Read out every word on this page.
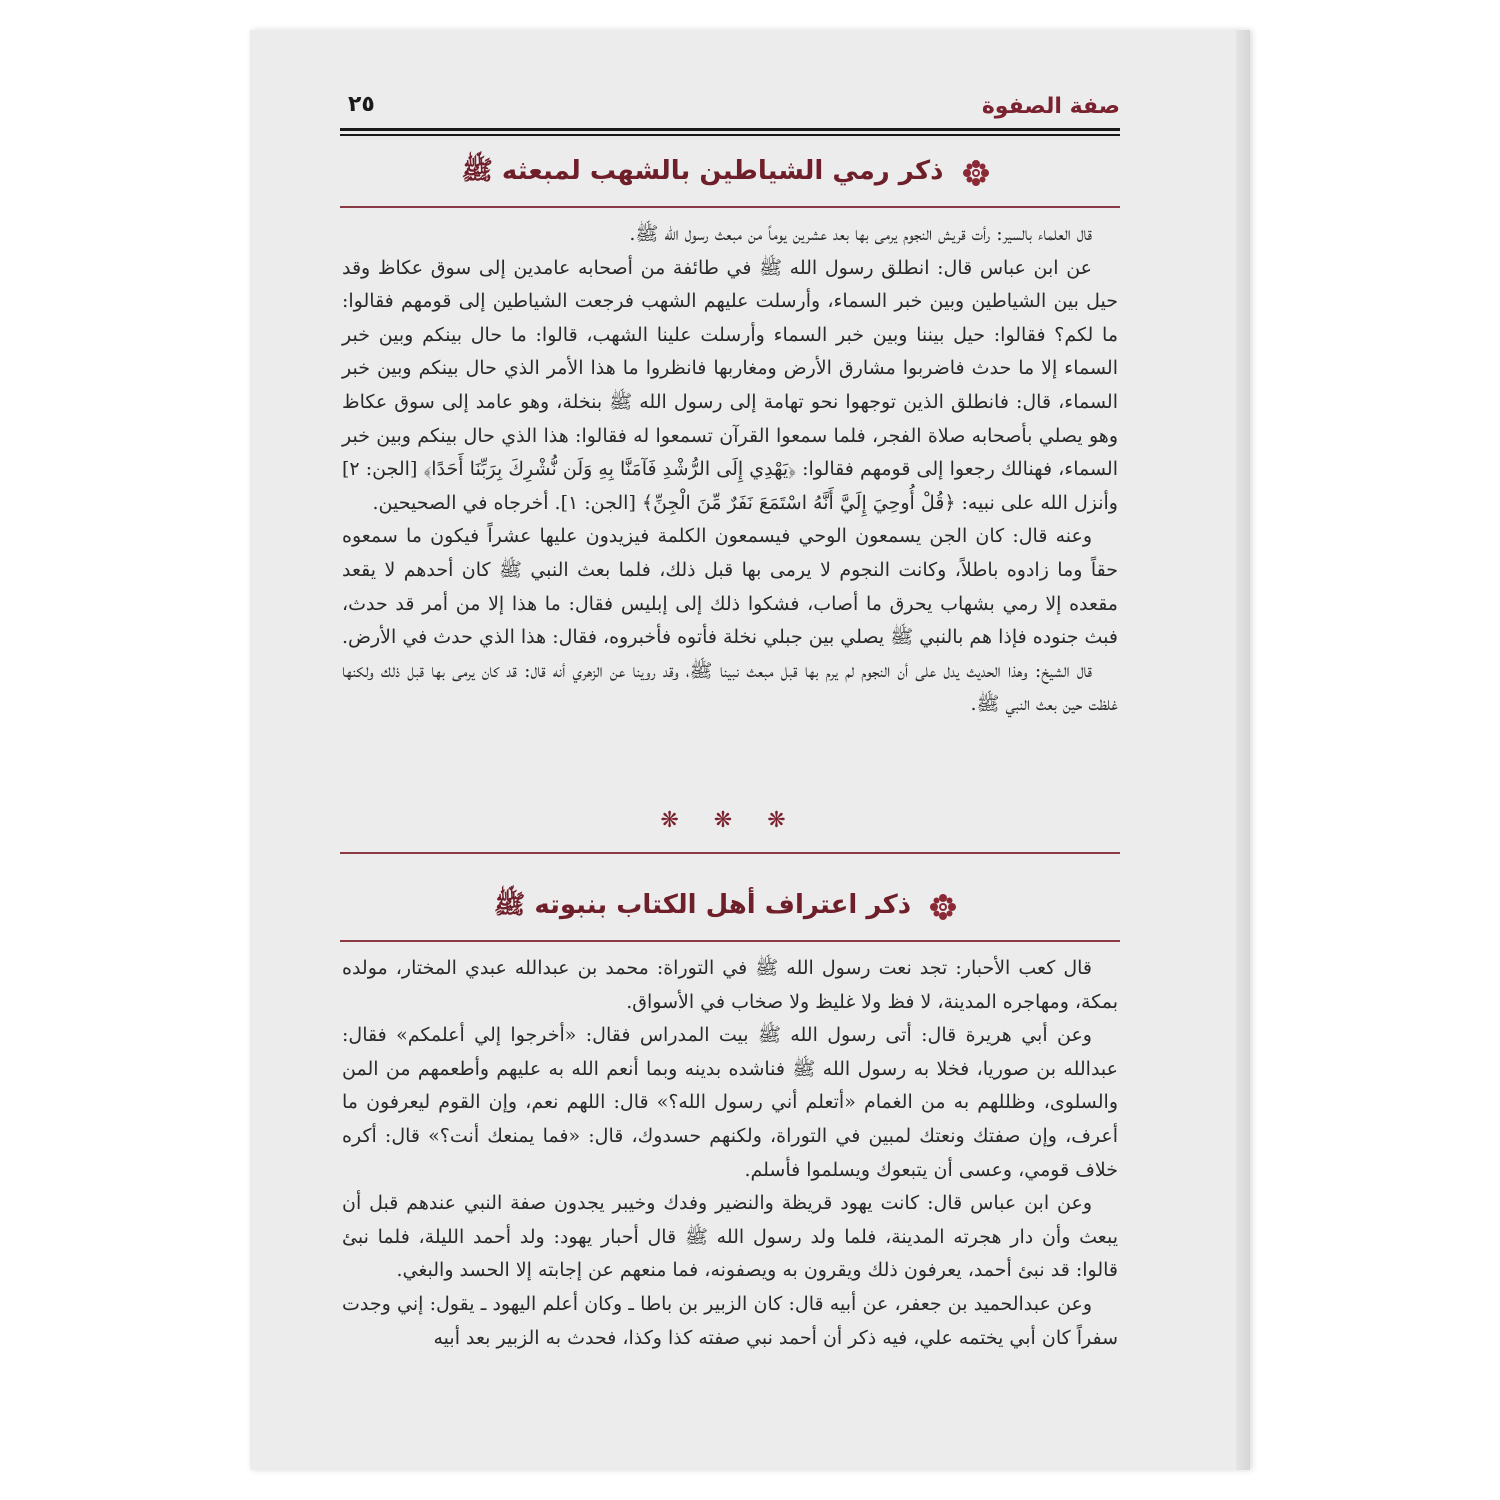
صفة الصفوة
٢٥
ذكر رمي الشياطين بالشهب لمبعثه ﷺ

قال العلماء بالسير: رأت قريش النجوم يرمى بها بعد عشرين يوماً من مبعث رسول الله ﷺ.

عن ابن عباس قال: انطلق رسول الله ﷺ في طائفة من أصحابه عامدين إلى سوق عكاظ وقد حيل بين الشياطين وبين خبر السماء، وأرسلت عليهم الشهب فرجعت الشياطين إلى قومهم فقالوا: ما لكم؟ فقالوا: حيل بيننا وبين خبر السماء وأرسلت علينا الشهب، قالوا: ما حال بينكم وبين خبر السماء إلا ما حدث فاضربوا مشارق الأرض ومغاربها فانظروا ما هذا الأمر الذي حال بينكم وبين خبر السماء، قال: فانطلق الذين توجهوا نحو تهامة إلى رسول الله ﷺ بنخلة، وهو عامد إلى سوق عكاظ وهو يصلي بأصحابه صلاة الفجر، فلما سمعوا القرآن تسمعوا له فقالوا: هذا الذي حال بينكم وبين خبر السماء، فهنالك رجعوا إلى قومهم فقالوا: ﴿يَهْدِي إِلَى الرُّشْدِ فَآمَنَّا بِهِ وَلَن نُّشْرِكَ بِرَبِّنَا أَحَدًا﴾ [الجن: ٢] وأنزل الله على نبيه: ﴿قُلْ أُوحِيَ إِلَيَّ أَنَّهُ اسْتَمَعَ نَفَرٌ مِّنَ الْجِنِّ﴾ [الجن: ١]. أخرجاه في الصحيحين.

وعنه قال: كان الجن يسمعون الوحي فيسمعون الكلمة فيزيدون عليها عشراً فيكون ما سمعوه حقاً وما زادوه باطلاً، وكانت النجوم لا يرمى بها قبل ذلك، فلما بعث النبي ﷺ كان أحدهم لا يقعد مقعده إلا رمي بشهاب يحرق ما أصاب، فشكوا ذلك إلى إبليس فقال: ما هذا إلا من أمر قد حدث، فبث جنوده فإذا هم بالنبي ﷺ يصلي بين جبلي نخلة فأتوه فأخبروه، فقال: هذا الذي حدث في الأرض.

قال الشيخ: وهذا الحديث يدل على أن النجوم لم يرم بها قبل مبعث نبينا ﷺ، وقد روينا عن الزهري أنه قال: قد كان يرمى بها قبل ذلك ولكنها غلظت حين بعث النبي ﷺ.

❋ ❋ ❋
ذكر اعتراف أهل الكتاب بنبوته ﷺ

قال كعب الأحبار: تجد نعت رسول الله ﷺ في التوراة: محمد بن عبدالله عبدي المختار، مولده بمكة، ومهاجره المدينة، لا فظ ولا غليظ ولا صخاب في الأسواق.

وعن أبي هريرة قال: أتى رسول الله ﷺ بيت المدراس فقال: «أخرجوا إلي أعلمكم» فقال: عبدالله بن صوريا، فخلا به رسول الله ﷺ فناشده بدينه وبما أنعم الله به عليهم وأطعمهم من المن والسلوى، وظللهم به من الغمام «أتعلم أني رسول الله؟» قال: اللهم نعم، وإن القوم ليعرفون ما أعرف، وإن صفتك ونعتك لمبين في التوراة، ولكنهم حسدوك، قال: «فما يمنعك أنت؟» قال: أكره خلاف قومي، وعسى أن يتبعوك ويسلموا فأسلم.

وعن ابن عباس قال: كانت يهود قريظة والنضير وفدك وخيبر يجدون صفة النبي عندهم قبل أن يبعث وأن دار هجرته المدينة، فلما ولد رسول الله ﷺ قال أحبار يهود: ولد أحمد الليلة، فلما نبئ قالوا: قد نبئ أحمد، يعرفون ذلك ويقرون به ويصفونه، فما منعهم عن إجابته إلا الحسد والبغي.

وعن عبدالحميد بن جعفر، عن أبيه قال: كان الزبير بن باطا ـ وكان أعلم اليهود ـ يقول: إني وجدت سفراً كان أبي يختمه علي، فيه ذكر أن أحمد نبي صفته كذا وكذا، فحدث به الزبير بعد أبيه
